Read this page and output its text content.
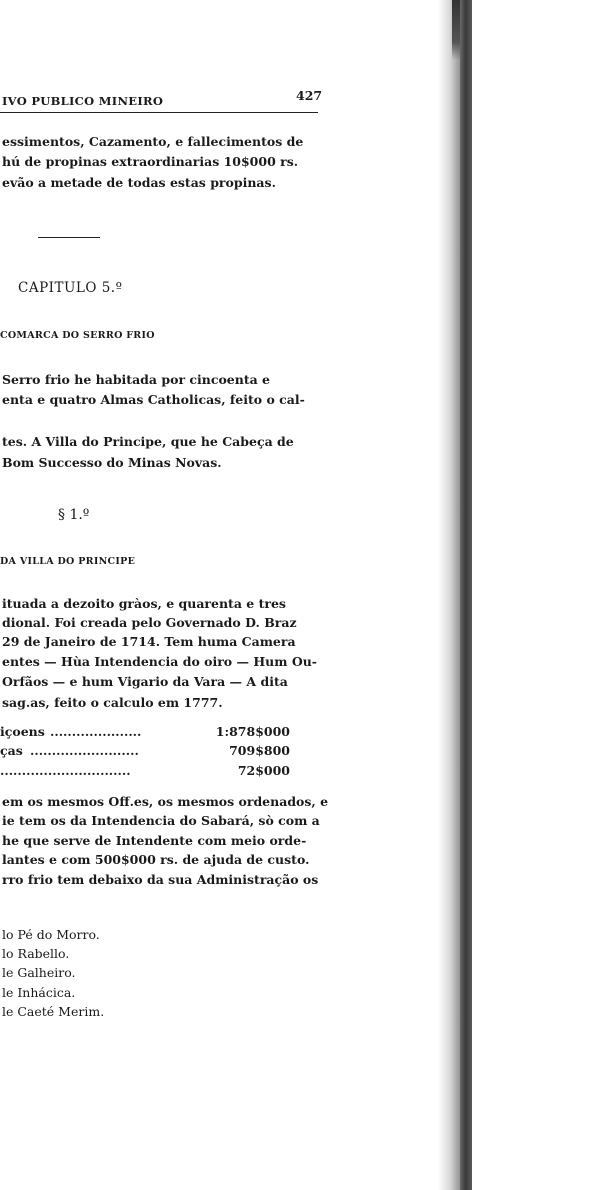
IVO PUBLICO MINEIRO	427
essimentos, Cazamento, e fallecimentos de
hú de propinas extraordinarias 10$000 rs.
evão a metade de todas estas propinas.
CAPITULO 5.º
COMARCA DO SERRO FRIO
Serro frio he habitada por cincoenta e
enta e quatro Almas Catholicas, feito o cal-
tes. A Villa do Principe, que he Cabeça de
Bom Successo do Minas Novas.
§ 1.º
DA VILLA DO PRINCIPE
ituada a dezoito gràos, e quarenta e tres
dional. Foi creada pelo Governado D. Braz
29 de Janeiro de 1714. Tem huma Camera
entes — Hùa Intendencia do oiro — Hum Ou-
Orfãos — e hum Vigario da Vara — A dita
sag.as, feito o calculo em 1777.
içoens .....................	1:878$000
ças .........................	709$800
..............................	72$000
em os mesmos Off.es, os mesmos ordenados, e
ie tem os da Intendencia do Sabará, sò com a
he que serve de Intendente com meio orde-
lantes e com 500$000 rs. de ajuda de custo.
rro frio tem debaixo da sua Administração os
lo Pé do Morro.
lo Rabello.
le Galheiro.
le Inhácica.
le Caeté Merim.
